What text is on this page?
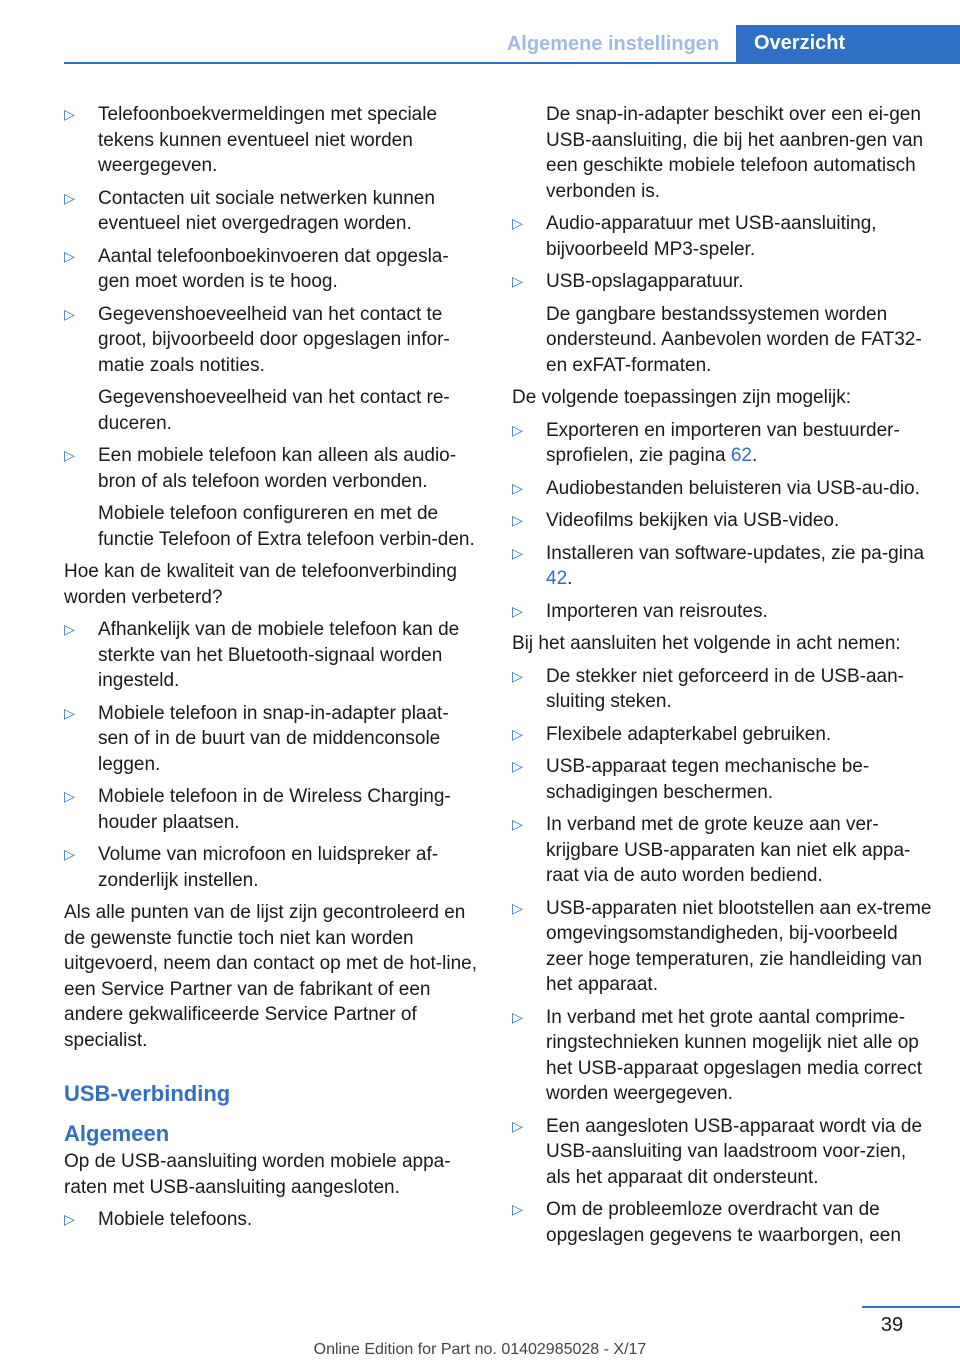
Algemene instellingen	Overzicht
▷ Telefoonboekvermeldingen met speciale tekens kunnen eventueel niet worden weergegeven.

▷ Contacten uit sociale netwerken kunnen eventueel niet overgedragen worden.

▷ Aantal telefoonboekinvoeren dat opgesla-gen moet worden is te hoog.

▷ Gegevenshoeveelheid van het contact te groot, bijvoorbeeld door opgeslagen infor-matie zoals notities.

Gegevenshoeveelheid van het contact re-duceren.

▷ Een mobiele telefoon kan alleen als audio-bron of als telefoon worden verbonden.

Mobiele telefoon configureren en met de functie Telefoon of Extra telefoon verbin-den.

Hoe kan de kwaliteit van de telefoonverbinding worden verbeterd?

▷ Afhankelijk van de mobiele telefoon kan de sterkte van het Bluetooth-signaal worden ingesteld.

▷ Mobiele telefoon in snap-in-adapter plaat-sen of in de buurt van de middenconsole leggen.

▷ Mobiele telefoon in de Wireless Charging-houder plaatsen.

▷ Volume van microfoon en luidspreker af-zonderlijk instellen.

Als alle punten van de lijst zijn gecontroleerd en de gewenste functie toch niet kan worden uitgevoerd, neem dan contact op met de hot-line, een Service Partner van de fabrikant of een andere gekwalificeerde Service Partner of specialist.

USB-verbinding
Algemeen

Op de USB-aansluiting worden mobiele appa-raten met USB-aansluiting aangesloten.

▷ Mobiele telefoons.

De snap-in-adapter beschikt over een ei-gen USB-aansluiting, die bij het aanbren-gen van een geschikte mobiele telefoon automatisch verbonden is.

▷ Audio-apparatuur met USB-aansluiting, bijvoorbeeld MP3-speler.

▷ USB-opslagapparatuur.

De gangbare bestandssystemen worden ondersteund. Aanbevolen worden de FAT32- en exFAT-formaten.

De volgende toepassingen zijn mogelijk:

▷ Exporteren en importeren van bestuurder-sprofielen, zie pagina 62.

▷ Audiobestanden beluisteren via USB-au-dio.

▷ Videofilms bekijken via USB-video.

▷ Installeren van software-updates, zie pa-gina 42.

▷ Importeren van reisroutes.

Bij het aansluiten het volgende in acht nemen:

▷ De stekker niet geforceerd in de USB-aan-sluiting steken.

▷ Flexibele adapterkabel gebruiken.

▷ USB-apparaat tegen mechanische be-schadigingen beschermen.

▷ In verband met de grote keuze aan ver-krijgbare USB-apparaten kan niet elk appa-raat via de auto worden bediend.

▷ USB-apparaten niet blootstellen aan ex-treme omgevingsomstandigheden, bij-voorbeeld zeer hoge temperaturen, zie handleiding van het apparaat.

▷ In verband met het grote aantal comprime-ringstechnieken kunnen mogelijk niet alle op het USB-apparaat opgeslagen media correct worden weergegeven.

▷ Een aangesloten USB-apparaat wordt via de USB-aansluiting van laadstroom voor-zien, als het apparaat dit ondersteunt.

▷ Om de probleemloze overdracht van de opgeslagen gegevens te waarborgen, een

39
Online Edition for Part no. 01402985028 - X/17
